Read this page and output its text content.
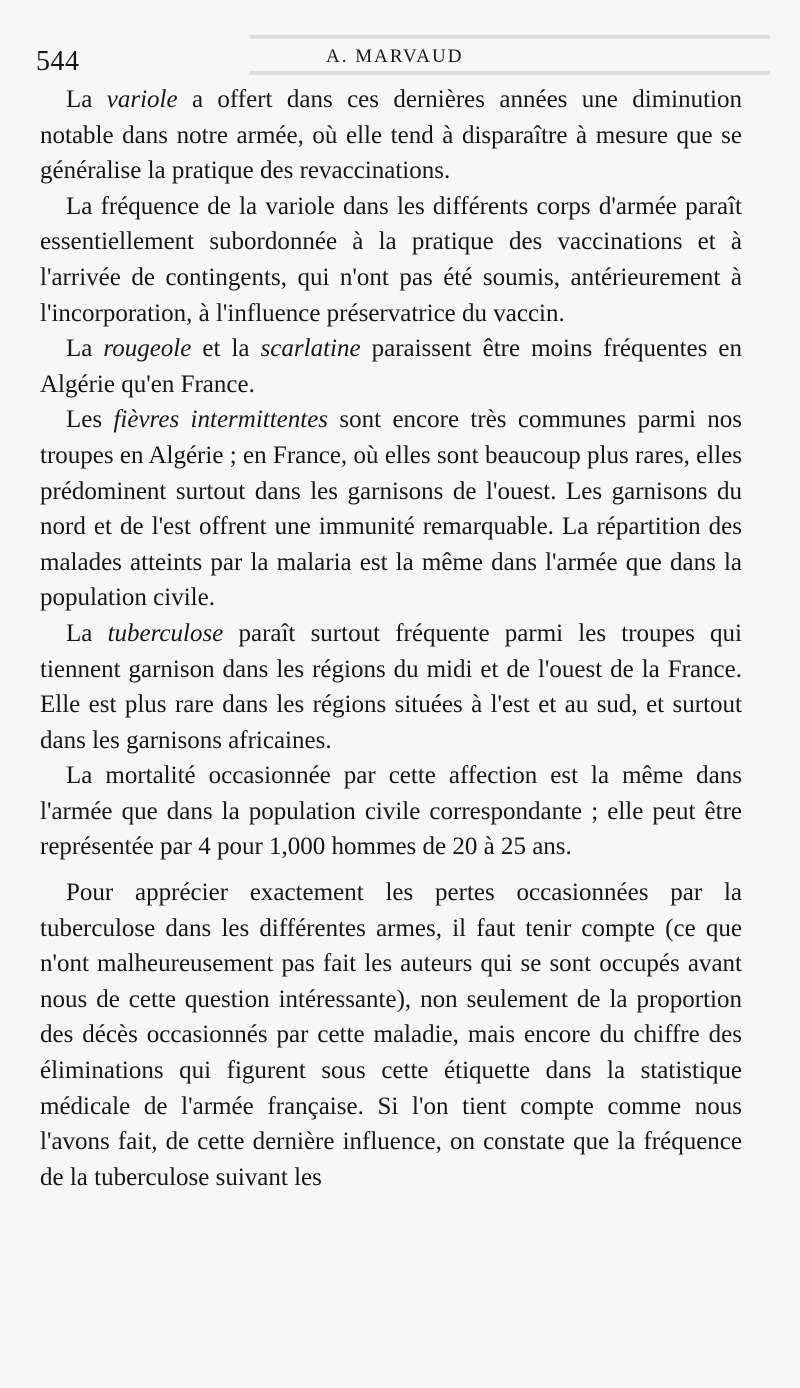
━━━━━━━━━━━━━━━━━━━━━━━━━━━━━━━━━━━━
━━━━━━━━━━━━━━━━━━━━━━━━━━━━━━━━━━━━
544	A. MARVAUD

La variole a offert dans ces dernières années une diminution notable dans notre armée, où elle tend à disparaître à mesure que se généralise la pratique des revaccinations.

La fréquence de la variole dans les différents corps d'armée paraît essentiellement subordonnée à la pratique des vaccinations et à l'arrivée de contingents, qui n'ont pas été soumis, antérieurement à l'incorporation, à l'influence préservatrice du vaccin.

La rougeole et la scarlatine paraissent être moins fréquentes en Algérie qu'en France.

Les fièvres intermittentes sont encore très communes parmi nos troupes en Algérie ; en France, où elles sont beaucoup plus rares, elles prédominent surtout dans les garnisons de l'ouest. Les garnisons du nord et de l'est offrent une immunité remarquable. La répartition des malades atteints par la malaria est la même dans l'armée que dans la population civile.

La tuberculose paraît surtout fréquente parmi les troupes qui tiennent garnison dans les régions du midi et de l'ouest de la France. Elle est plus rare dans les régions situées à l'est et au sud, et surtout dans les garnisons africaines.

La mortalité occasionnée par cette affection est la même dans l'armée que dans la population civile correspondante ; elle peut être représentée par 4 pour 1,000 hommes de 20 à 25 ans.

Pour apprécier exactement les pertes occasionnées par la tuberculose dans les différentes armes, il faut tenir compte (ce que n'ont malheureusement pas fait les auteurs qui se sont occupés avant nous de cette question intéressante), non seulement de la proportion des décès occasionnés par cette maladie, mais encore du chiffre des éliminations qui figurent sous cette étiquette dans la statistique médicale de l'armée française. Si l'on tient compte comme nous l'avons fait, de cette dernière influence, on constate que la fréquence de la tuberculose suivant les
